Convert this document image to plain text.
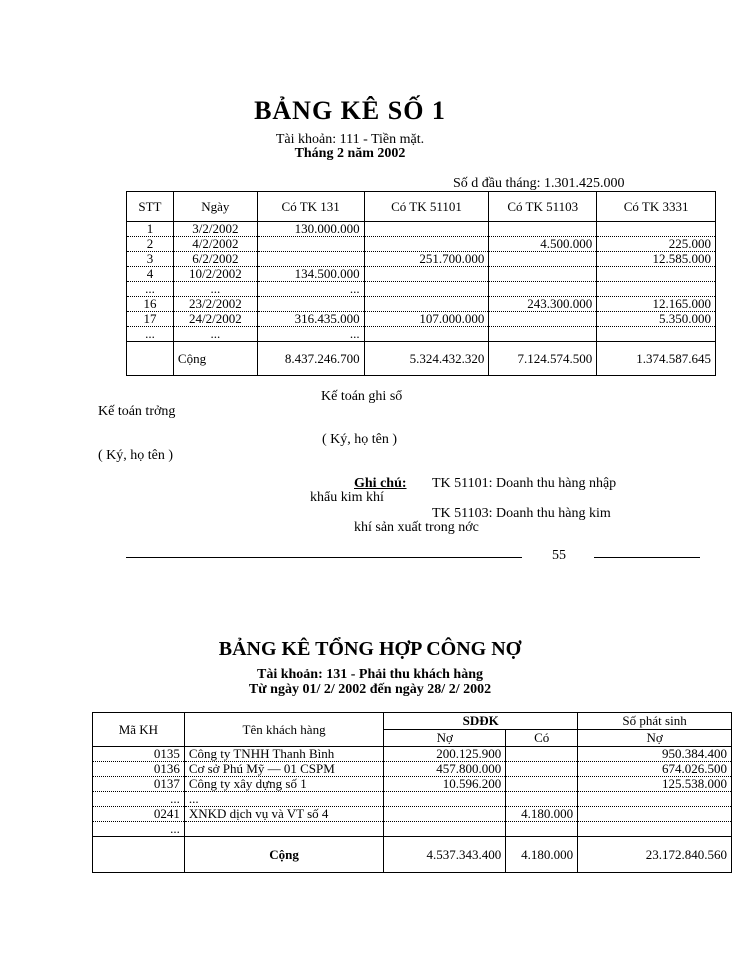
BẢNG KÊ SỐ 1
Tài khoản: 111 - Tiền mặt.
Tháng 2 năm 2002
Số d đầu tháng: 1.301.425.000
STT	Ngày	Có TK 131	Có TK 51101	Có TK 51103	Có TK 3331
1	3/2/2002	130.000.000			
2	4/2/2002			4.500.000	225.000
3	6/2/2002		251.700.000		12.585.000
4	10/2/2002	134.500.000			
...	...	...			
16	23/2/2002			243.300.000	12.165.000
17	24/2/2002	316.435.000	107.000.000		5.350.000
...	...	...			
	Cộng	8.437.246.700	5.324.432.320	7.124.574.500	1.374.587.645
Kế toán ghi sổ
Kế toán trởng
( Ký, họ tên )
( Ký, họ tên )
Ghi chú: TK 51101: Doanh thu hàng nhập
khẩu kim khí
TK 51103: Doanh thu hàng kim
khí sản xuất trong nớc
55
BẢNG KÊ TỔNG HỢP CÔNG NỢ
Tài khoản: 131 - Phải thu khách hàng
Từ ngày 01/ 2/ 2002 đến ngày 28/ 2/ 2002
Mã KH	Tên khách hàng	SDĐK		Số phát sinh
		Nợ	Có	Nợ
0135	Công ty TNHH Thanh Bình	200.125.900		950.384.400
0136	Cơ sở Phú Mỹ — 01 CSPM	457.800.000		674.026.500
0137	Công ty xây dựng số 1	10.596.200		125.538.000
...	...			
0241	XNKD dịch vụ và VT số 4		4.180.000	
...				
	Cộng	4.537.343.400	4.180.000	23.172.840.560
